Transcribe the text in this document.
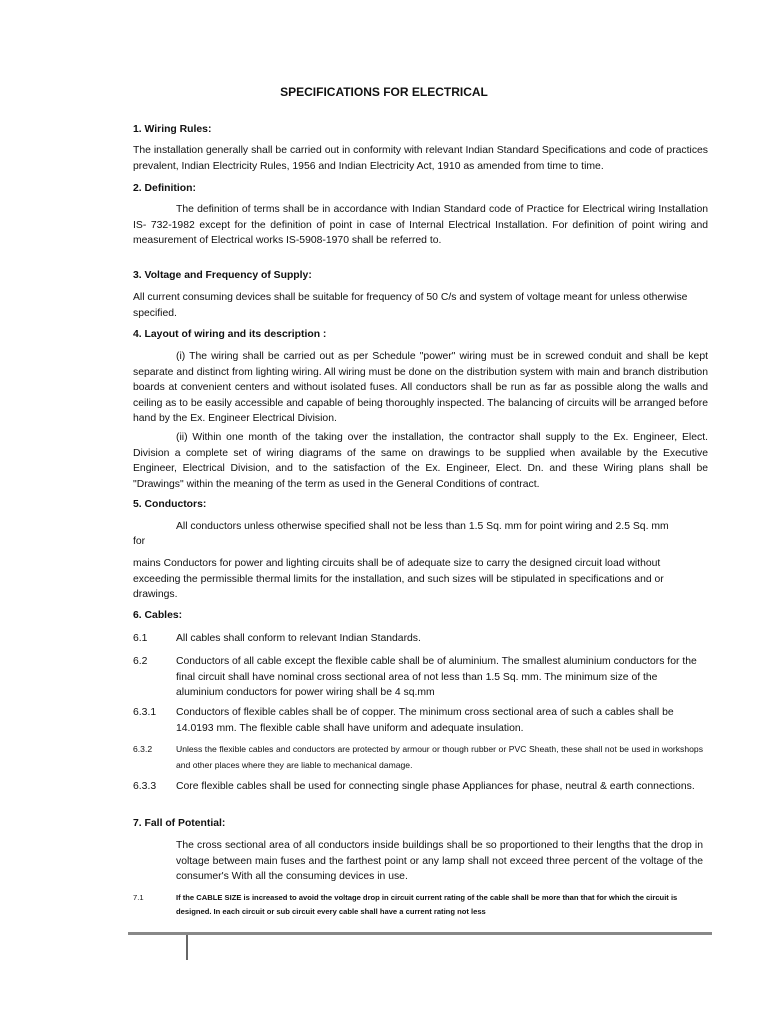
SPECIFICATIONS FOR ELECTRICAL

1. Wiring Rules:

The installation generally shall be carried out in conformity with relevant Indian Standard Specifications and code of practices prevalent, Indian Electricity Rules, 1956 and Indian Electricity Act, 1910 as amended from time to time.

2. Definition:

The definition of terms shall be in accordance with Indian Standard code of Practice for Electrical wiring Installation IS- 732-1982 except for the definition of point in case of Internal Electrical Installation. For definition of point wiring and measurement of Electrical works IS-5908-1970 shall be referred to.

3. Voltage and Frequency of Supply:

All current consuming devices shall be suitable for frequency of 50 C/s and system of voltage meant for unless otherwise specified.

4. Layout of wiring and its description :

(i) The wiring shall be carried out as per Schedule "power" wiring must be in screwed conduit and shall be kept separate and distinct from lighting wiring. All wiring must be done on the distribution system with main and branch distribution boards at convenient centers and without isolated fuses. All conductors shall be run as far as possible along the walls and ceiling as to be easily accessible and capable of being thoroughly inspected. The balancing of circuits will be arranged before hand by the Ex. Engineer Electrical Division.

(ii) Within one month of the taking over the installation, the contractor shall supply to the Ex. Engineer, Elect. Division a complete set of wiring diagrams of the same on drawings to be supplied when available by the Executive Engineer, Electrical Division, and to the satisfaction of the Ex. Engineer, Elect. Dn. and these Wiring plans shall be "Drawings" within the meaning of the term as used in the General Conditions of contract.

5. Conductors:

All conductors unless otherwise specified shall not be less than 1.5 Sq. mm for point wiring and 2.5 Sq. mm

for

mains Conductors for power and lighting circuits shall be of adequate size to carry the designed circuit load without exceeding the permissible thermal limits for the installation, and such sizes will be stipulated in specifications and or drawings.

6. Cables:

6.1	All cables shall conform to relevant Indian Standards.

6.2	Conductors of all cable except the flexible cable shall be of aluminium. The smallest aluminium conductors for the final circuit shall have nominal cross sectional area of not less than 1.5 Sq. mm. The minimum size of the aluminium conductors for power wiring shall be 4 sq.mm

6.3.1 Conductors of flexible cables shall be of copper. The minimum cross sectional area of such a cables shall be 14.0193 mm. The flexible cable shall have uniform and adequate insulation.

6.3.2	Unless the flexible cables and conductors are protected by armour or though rubber or PVC Sheath, these shall not be used in workshops and other places where they are liable to mechanical damage.

6.3.3 Core flexible cables shall be used for connecting single phase Appliances for phase, neutral & earth connections.

7. Fall of Potential:

The cross sectional area of all conductors inside buildings shall be so proportioned to their lengths that the drop in voltage between main fuses and the farthest point or any lamp shall not exceed three percent of the voltage of the consumer's With all the consuming devices in use.

7.1	If the CABLE SIZE is increased to avoid the voltage drop in circuit current rating of the cable shall be more than that for which the circuit is designed. In each circuit or sub circuit every cable shall have a current rating not less
